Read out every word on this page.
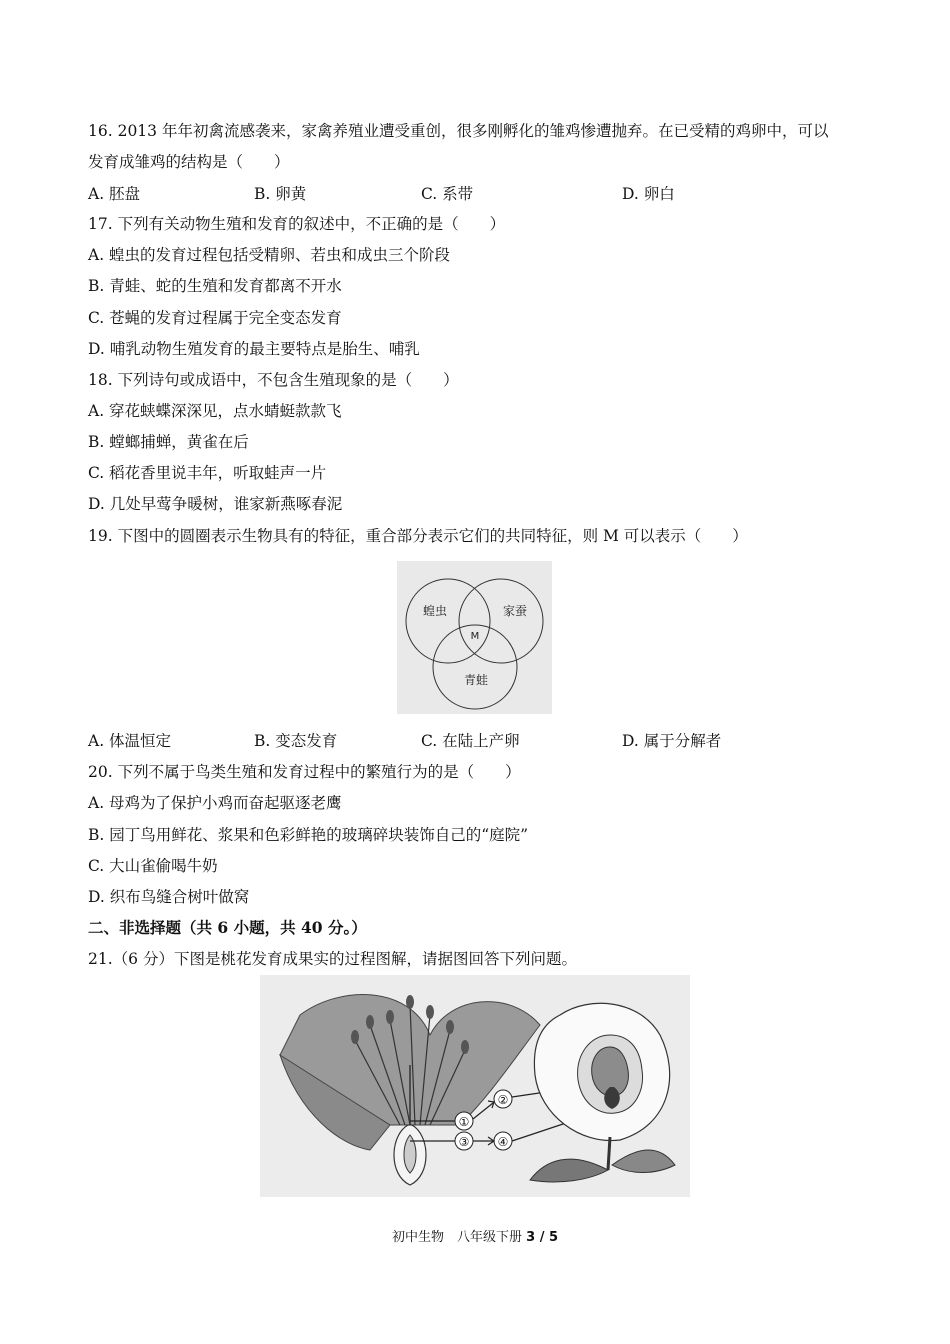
16. 2013 年年初禽流感袭来，家禽养殖业遭受重创，很多刚孵化的雏鸡惨遭抛弃。在已受精的鸡卵中，可以
发育成雏鸡的结构是（　　）
A. 胚盘	B. 卵黄	C. 系带	D. 卵白
17. 下列有关动物生殖和发育的叙述中，不正确的是（　　）
A. 蝗虫的发育过程包括受精卵、若虫和成虫三个阶段
B. 青蛙、蛇的生殖和发育都离不开水
C. 苍蝇的发育过程属于完全变态发育
D. 哺乳动物生殖发育的最主要特点是胎生、哺乳
18. 下列诗句或成语中，不包含生殖现象的是（　　）
A. 穿花蛱蝶深深见，点水蜻蜓款款飞
B. 螳螂捕蝉，黄雀在后
C. 稻花香里说丰年，听取蛙声一片
D. 几处早莺争暖树，谁家新燕啄春泥
19. 下图中的圆圈表示生物具有的特征，重合部分表示它们的共同特征，则 M 可以表示（　　）
蝗虫	家蚕
青蛙
M
A. 体温恒定	B. 变态发育	C. 在陆上产卵	D. 属于分解者
20. 下列不属于鸟类生殖和发育过程中的繁殖行为的是（　　）
A. 母鸡为了保护小鸡而奋起驱逐老鹰
B. 园丁鸟用鲜花、浆果和色彩鲜艳的玻璃碎块装饰自己的“庭院”
C. 大山雀偷喝牛奶
D. 织布鸟缝合树叶做窝
二、非选择题（共 6 小题，共 40 分。）
21.（6 分）下图是桃花发育成果实的过程图解，请据图回答下列问题。
①
②
③ ④
初中生物　八年级下册 3 / 5
